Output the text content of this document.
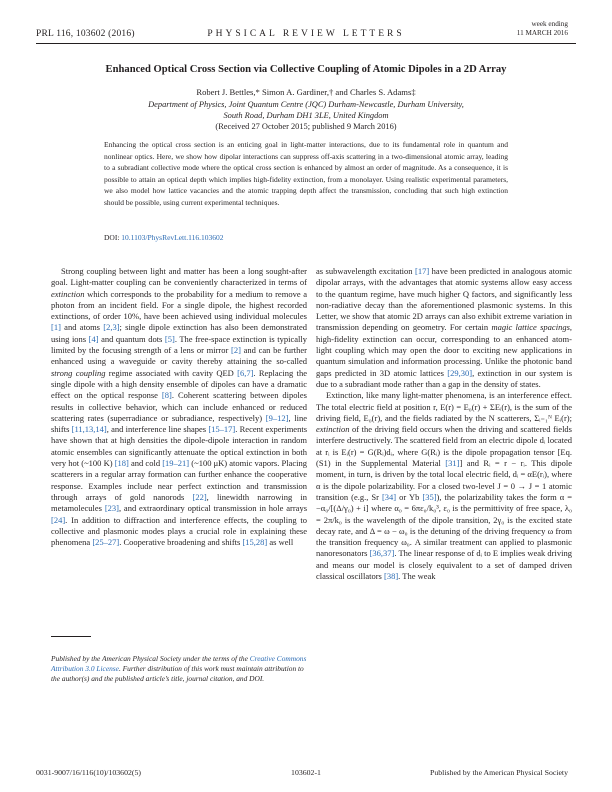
PRL 116, 103602 (2016)	PHYSICAL REVIEW LETTERS
week ending
11 MARCH 2016
Enhanced Optical Cross Section via Collective Coupling of Atomic Dipoles in a 2D Array
Robert J. Bettles,* Simon A. Gardiner,† and Charles S. Adams‡
Department of Physics, Joint Quantum Centre (JQC) Durham-Newcastle, Durham University,
South Road, Durham DH1 3LE, United Kingdom
(Received 27 October 2015; published 9 March 2016)
Enhancing the optical cross section is an enticing goal in light-matter interactions, due to its fundamental role in quantum and nonlinear optics. Here, we show how dipolar interactions can suppress off-axis scattering in a two-dimensional atomic array, leading to a subradiant collective mode where the optical cross section is enhanced by almost an order of magnitude. As a consequence, it is possible to attain an optical depth which implies high-fidelity extinction, from a monolayer. Using realistic experimental parameters, we also model how lattice vacancies and the atomic trapping depth affect the transmission, concluding that such high extinction should be possible, using current experimental techniques.
DOI: 10.1103/PhysRevLett.116.103602

Strong coupling between light and matter has been a long sought-after goal. Light-matter coupling can be conveniently characterized in terms of extinction which corresponds to the probability for a medium to remove a photon from an incident field. For a single dipole, the highest recorded extinctions, of order 10%, have been achieved using individual molecules [1] and atoms [2,3]; single dipole extinction has also been demonstrated using ions [4] and quantum dots [5]. The free-space extinction is typically limited by the focusing strength of a lens or mirror [2] and can be further enhanced using a waveguide or cavity thereby attaining the so-called strong coupling regime associated with cavity QED [6,7]. Replacing the single dipole with a high density ensemble of dipoles can have a dramatic effect on the optical response [8]. Coherent scattering between dipoles results in collective behavior, which can include enhanced or reduced scattering rates (superradiance or subradiance, respectively) [9–12], line shifts [11,13,14], and interference line shapes [15–17]. Recent experiments have shown that at high densities the dipole-dipole interaction in random atomic ensembles can significantly attenuate the optical extinction in both very hot (~100 K) [18] and cold [19–21] (~100 μK) atomic vapors. Placing scatterers in a regular array formation can further enhance the cooperative response. Examples include near perfect extinction and transmission through arrays of gold nanorods [22], linewidth narrowing in metamolecules [23], and extraordinary optical transmission in hole arrays [24]. In addition to diffraction and interference effects, the coupling to collective and plasmonic modes plays a crucial role in explaining these phenomena [25–27]. Cooperative broadening and shifts [15,28] as well

Published by the American Physical Society under the terms of the Creative Commons Attribution 3.0 License. Further distribution of this work must maintain attribution to the author(s) and the published article’s title, journal citation, and DOI.

as subwavelength excitation [17] have been predicted in analogous atomic dipolar arrays, with the advantages that atomic systems allow easy access to the quantum regime, have much higher Q factors, and significantly less non-radiative decay than the aforementioned plasmonic systems. In this Letter, we show that atomic 2D arrays can also exhibit extreme variation in transmission depending on geometry. For certain magic lattice spacings, high-fidelity extinction can occur, corresponding to an enhanced atom-light coupling which may open the door to exciting new applications in quantum simulation and information processing. Unlike the photonic band gaps predicted in 3D atomic lattices [29,30], extinction in our system is due to a subradiant mode rather than a gap in the density of states.

Extinction, like many light-matter phenomena, is an interference effect. The total electric field at position r, E(r) = E₀(r) + ΣEᵢ(r), is the sum of the driving field, E₀(r), and the fields radiated by the N scatterers, Σᵢ₌₁ᴺ Eᵢ(r); extinction of the driving field occurs when the driving and scattered fields interfere destructively. The scattered field from an electric dipole dᵢ located at rᵢ is Eᵢ(r) = G(Rᵢ)dᵢ, where G(Rᵢ) is the dipole propagation tensor [Eq. (S1) in the Supplemental Material [31]] and Rᵢ = r − rᵢ. This dipole moment, in turn, is driven by the total local electric field, dᵢ = αE(rᵢ), where α is the dipole polarizability. For a closed two-level J = 0 → J = 1 atomic transition (e.g., Sr [34] or Yb [35]), the polarizability takes the form α = −α₀/[(Δ/γ₀) + i] where α₀ = 6πε₀/k₀³, ε₀ is the permittivity of free space, λ₀ = 2π/k₀ is the wavelength of the dipole transition, 2γ₀ is the excited state decay rate, and Δ = ω − ω₀ is the detuning of the driving frequency ω from the transition frequency ω₀. A similar treatment can applied to plasmonic nanoresonators [36,37]. The linear response of dᵢ to E implies weak driving and means our model is closely equivalent to a set of damped driven classical oscillators [38]. The weak

0031-9007/16/116(10)/103602(5)	103602-1	Published by the American Physical Society
